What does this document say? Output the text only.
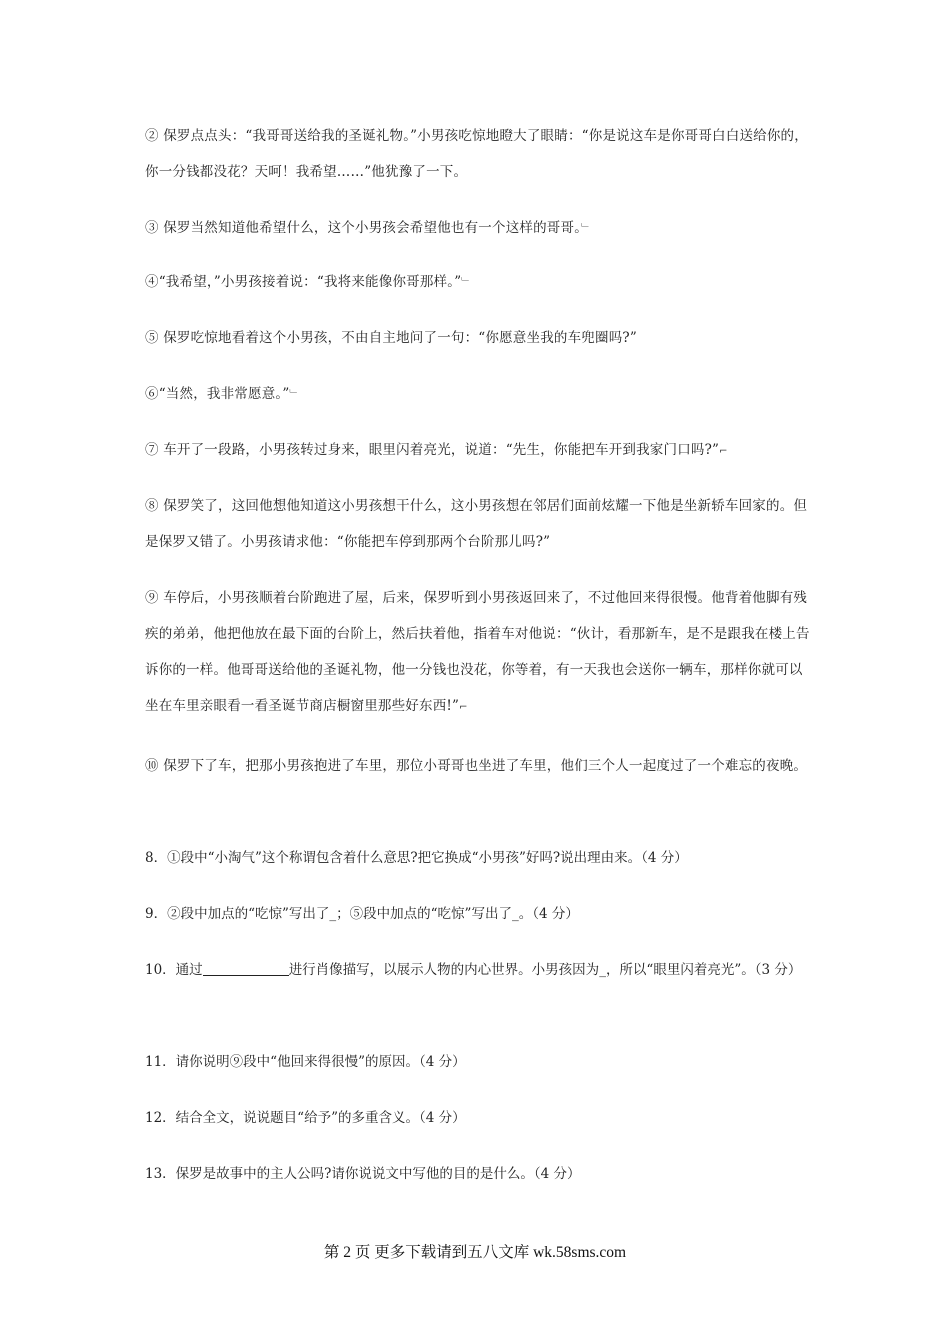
② 保罗点点头：“我哥哥送给我的圣诞礼物。”小男孩吃惊地瞪大了眼睛：“你是说这车是你哥哥白白送给你的，你一分钱都没花？天呵！我希望……”他犹豫了一下。

③ 保罗当然知道他希望什么，这个小男孩会希望他也有一个这样的哥哥。﹂

④“我希望，”小男孩接着说：“我将来能像你哥那样。”﹂

⑤ 保罗吃惊地看着这个小男孩，不由自主地问了一句：“你愿意坐我的车兜圈吗?”

⑥“当然，我非常愿意。”﹂

⑦ 车开了一段路，小男孩转过身来，眼里闪着亮光，说道：“先生，你能把车开到我家门口吗?”⌐

⑧ 保罗笑了，这回他想他知道这小男孩想干什么，这小男孩想在邻居们面前炫耀一下他是坐新轿车回家的。但是保罗又错了。小男孩请求他：“你能把车停到那两个台阶那儿吗?”

⑨ 车停后，小男孩顺着台阶跑进了屋，后来，保罗听到小男孩返回来了，不过他回来得很慢。他背着他脚有残疾的弟弟，他把他放在最下面的台阶上，然后扶着他，指着车对他说：“伙计，看那新车，是不是跟我在楼上告诉你的一样。他哥哥送给他的圣诞礼物，他一分钱也没花，你等着，有一天我也会送你一辆车，那样你就可以坐在车里亲眼看一看圣诞节商店橱窗里那些好东西!”⌐

⑩ 保罗下了车，把那小男孩抱进了车里，那位小哥哥也坐进了车里，他们三个人一起度过了一个难忘的夜晚。

8．①段中“小淘气”这个称谓包含着什么意思?把它换成“小男孩”好吗?说出理由来。（4 分）

9．②段中加点的“吃惊”写出了_；⑤段中加点的“吃惊”写出了_。（4 分）

10．通过	进行肖像描写，以展示人物的内心世界。小男孩因为_，所以“眼里闪着亮光”。（3 分）

11．请你说明⑨段中“他回来得很慢”的原因。（4 分）

12．结合全文，说说题目“给予”的多重含义。（4 分）

13．保罗是故事中的主人公吗?请你说说文中写他的目的是什么。（4 分）

第 2 页 更多下载请到五八文库 wk.58sms.com
